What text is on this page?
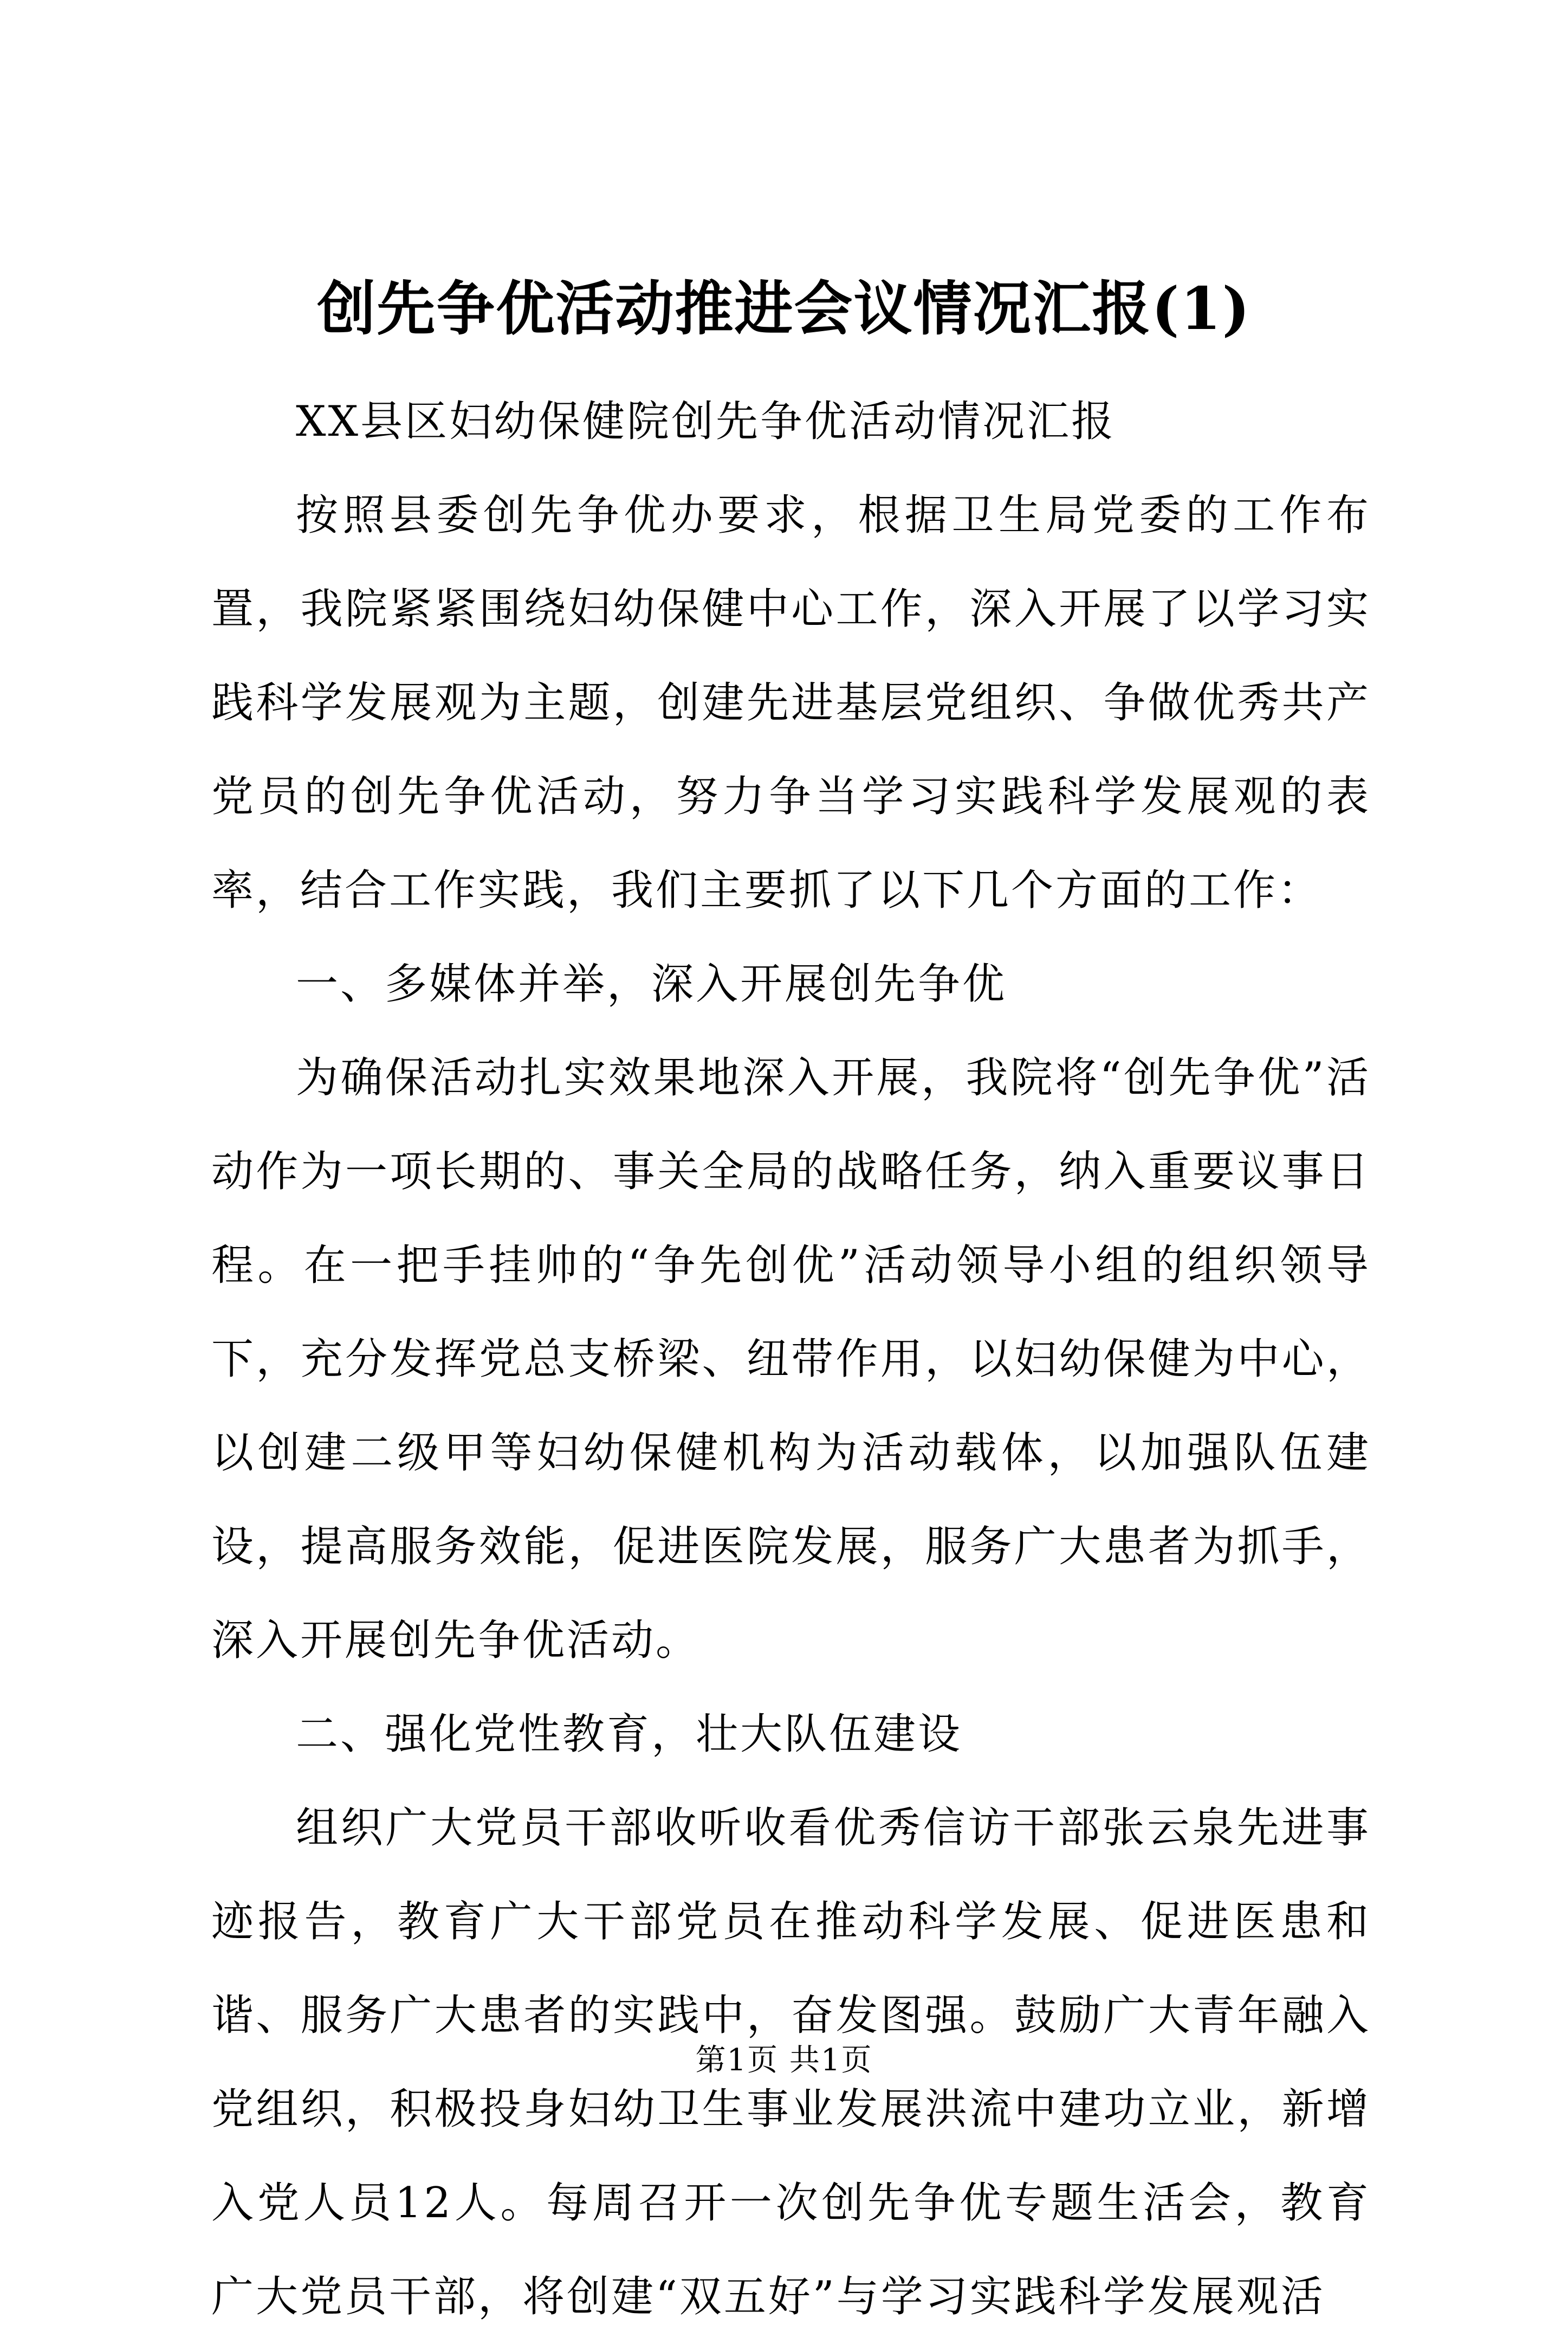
创先争优活动推进会议情况汇报(1)

XX县区妇幼保健院创先争优活动情况汇报

按照县委创先争优办要求，根据卫生局党委的工作布置，我院紧紧围绕妇幼保健中心工作，深入开展了以学习实践科学发展观为主题，创建先进基层党组织、争做优秀共产党员的创先争优活动，努力争当学习实践科学发展观的表率，结合工作实践，我们主要抓了以下几个方面的工作：

一、多媒体并举，深入开展创先争优

为确保活动扎实效果地深入开展，我院将“创先争优”活动作为一项长期的、事关全局的战略任务，纳入重要议事日程。在一把手挂帅的“争先创优”活动领导小组的组织领导下，充分发挥党总支桥梁、纽带作用，以妇幼保健为中心，以创建二级甲等妇幼保健机构为活动载体，以加强队伍建设，提高服务效能，促进医院发展，服务广大患者为抓手，深入开展创先争优活动。

二、强化党性教育，壮大队伍建设

组织广大党员干部收听收看优秀信访干部张云泉先进事迹报告，教育广大干部党员在推动科学发展、促进医患和谐、服务广大患者的实践中，奋发图强。鼓励广大青年融入党组织，积极投身妇幼卫生事业发展洪流中建功立业，新增入党人员12人。每周召开一次创先争优专题生活会，教育广大党员干部，将创建“双五好”与学习实践科学发展观活

第1页 共1页
